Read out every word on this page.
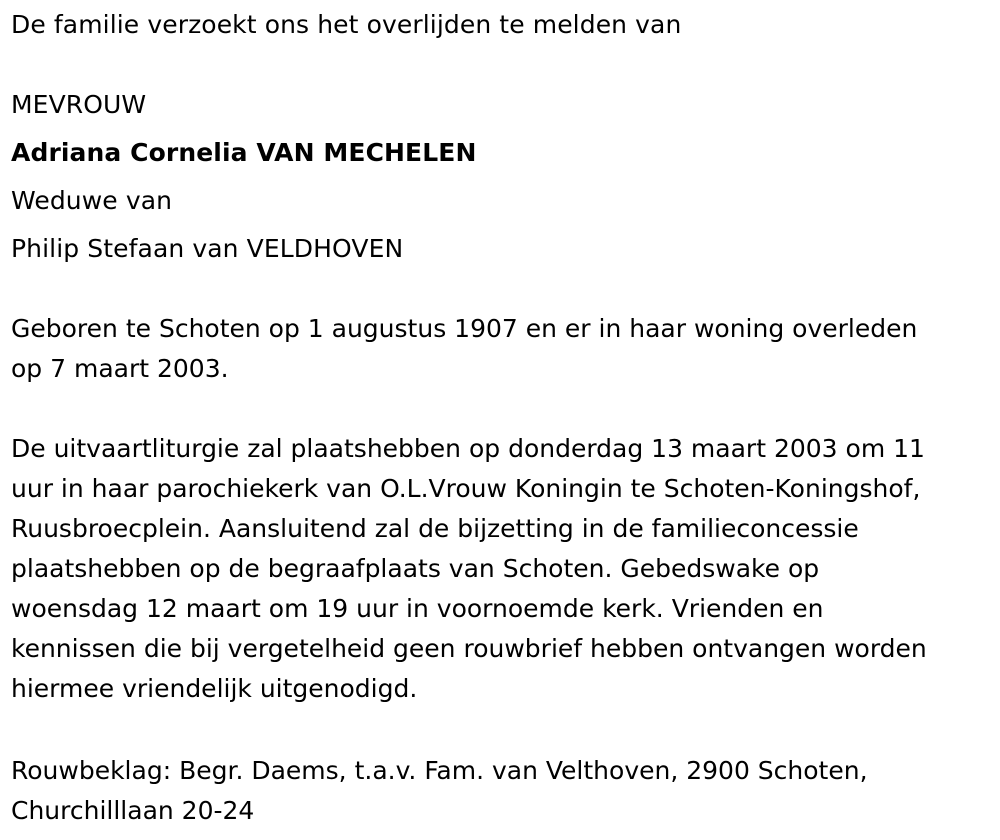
De familie verzoekt ons het overlijden te melden van
MEVROUW
Adriana Cornelia VAN MECHELEN
Weduwe van
Philip Stefaan van VELDHOVEN
Geboren te Schoten op 1 augustus 1907 en er in haar woning overleden
op 7 maart 2003.
De uitvaartliturgie zal plaatshebben op donderdag 13 maart 2003 om 11
uur in haar parochiekerk van O.L.Vrouw Koningin te Schoten-Koningshof,
Ruusbroecplein. Aansluitend zal de bijzetting in de familieconcessie
plaatshebben op de begraafplaats van Schoten. Gebedswake op
woensdag 12 maart om 19 uur in voornoemde kerk. Vrienden en
kennissen die bij vergetelheid geen rouwbrief hebben ontvangen worden
hiermee vriendelijk uitgenodigd.
Rouwbeklag: Begr. Daems, t.a.v. Fam. van Velthoven, 2900 Schoten,
Churchilllaan 20-24
